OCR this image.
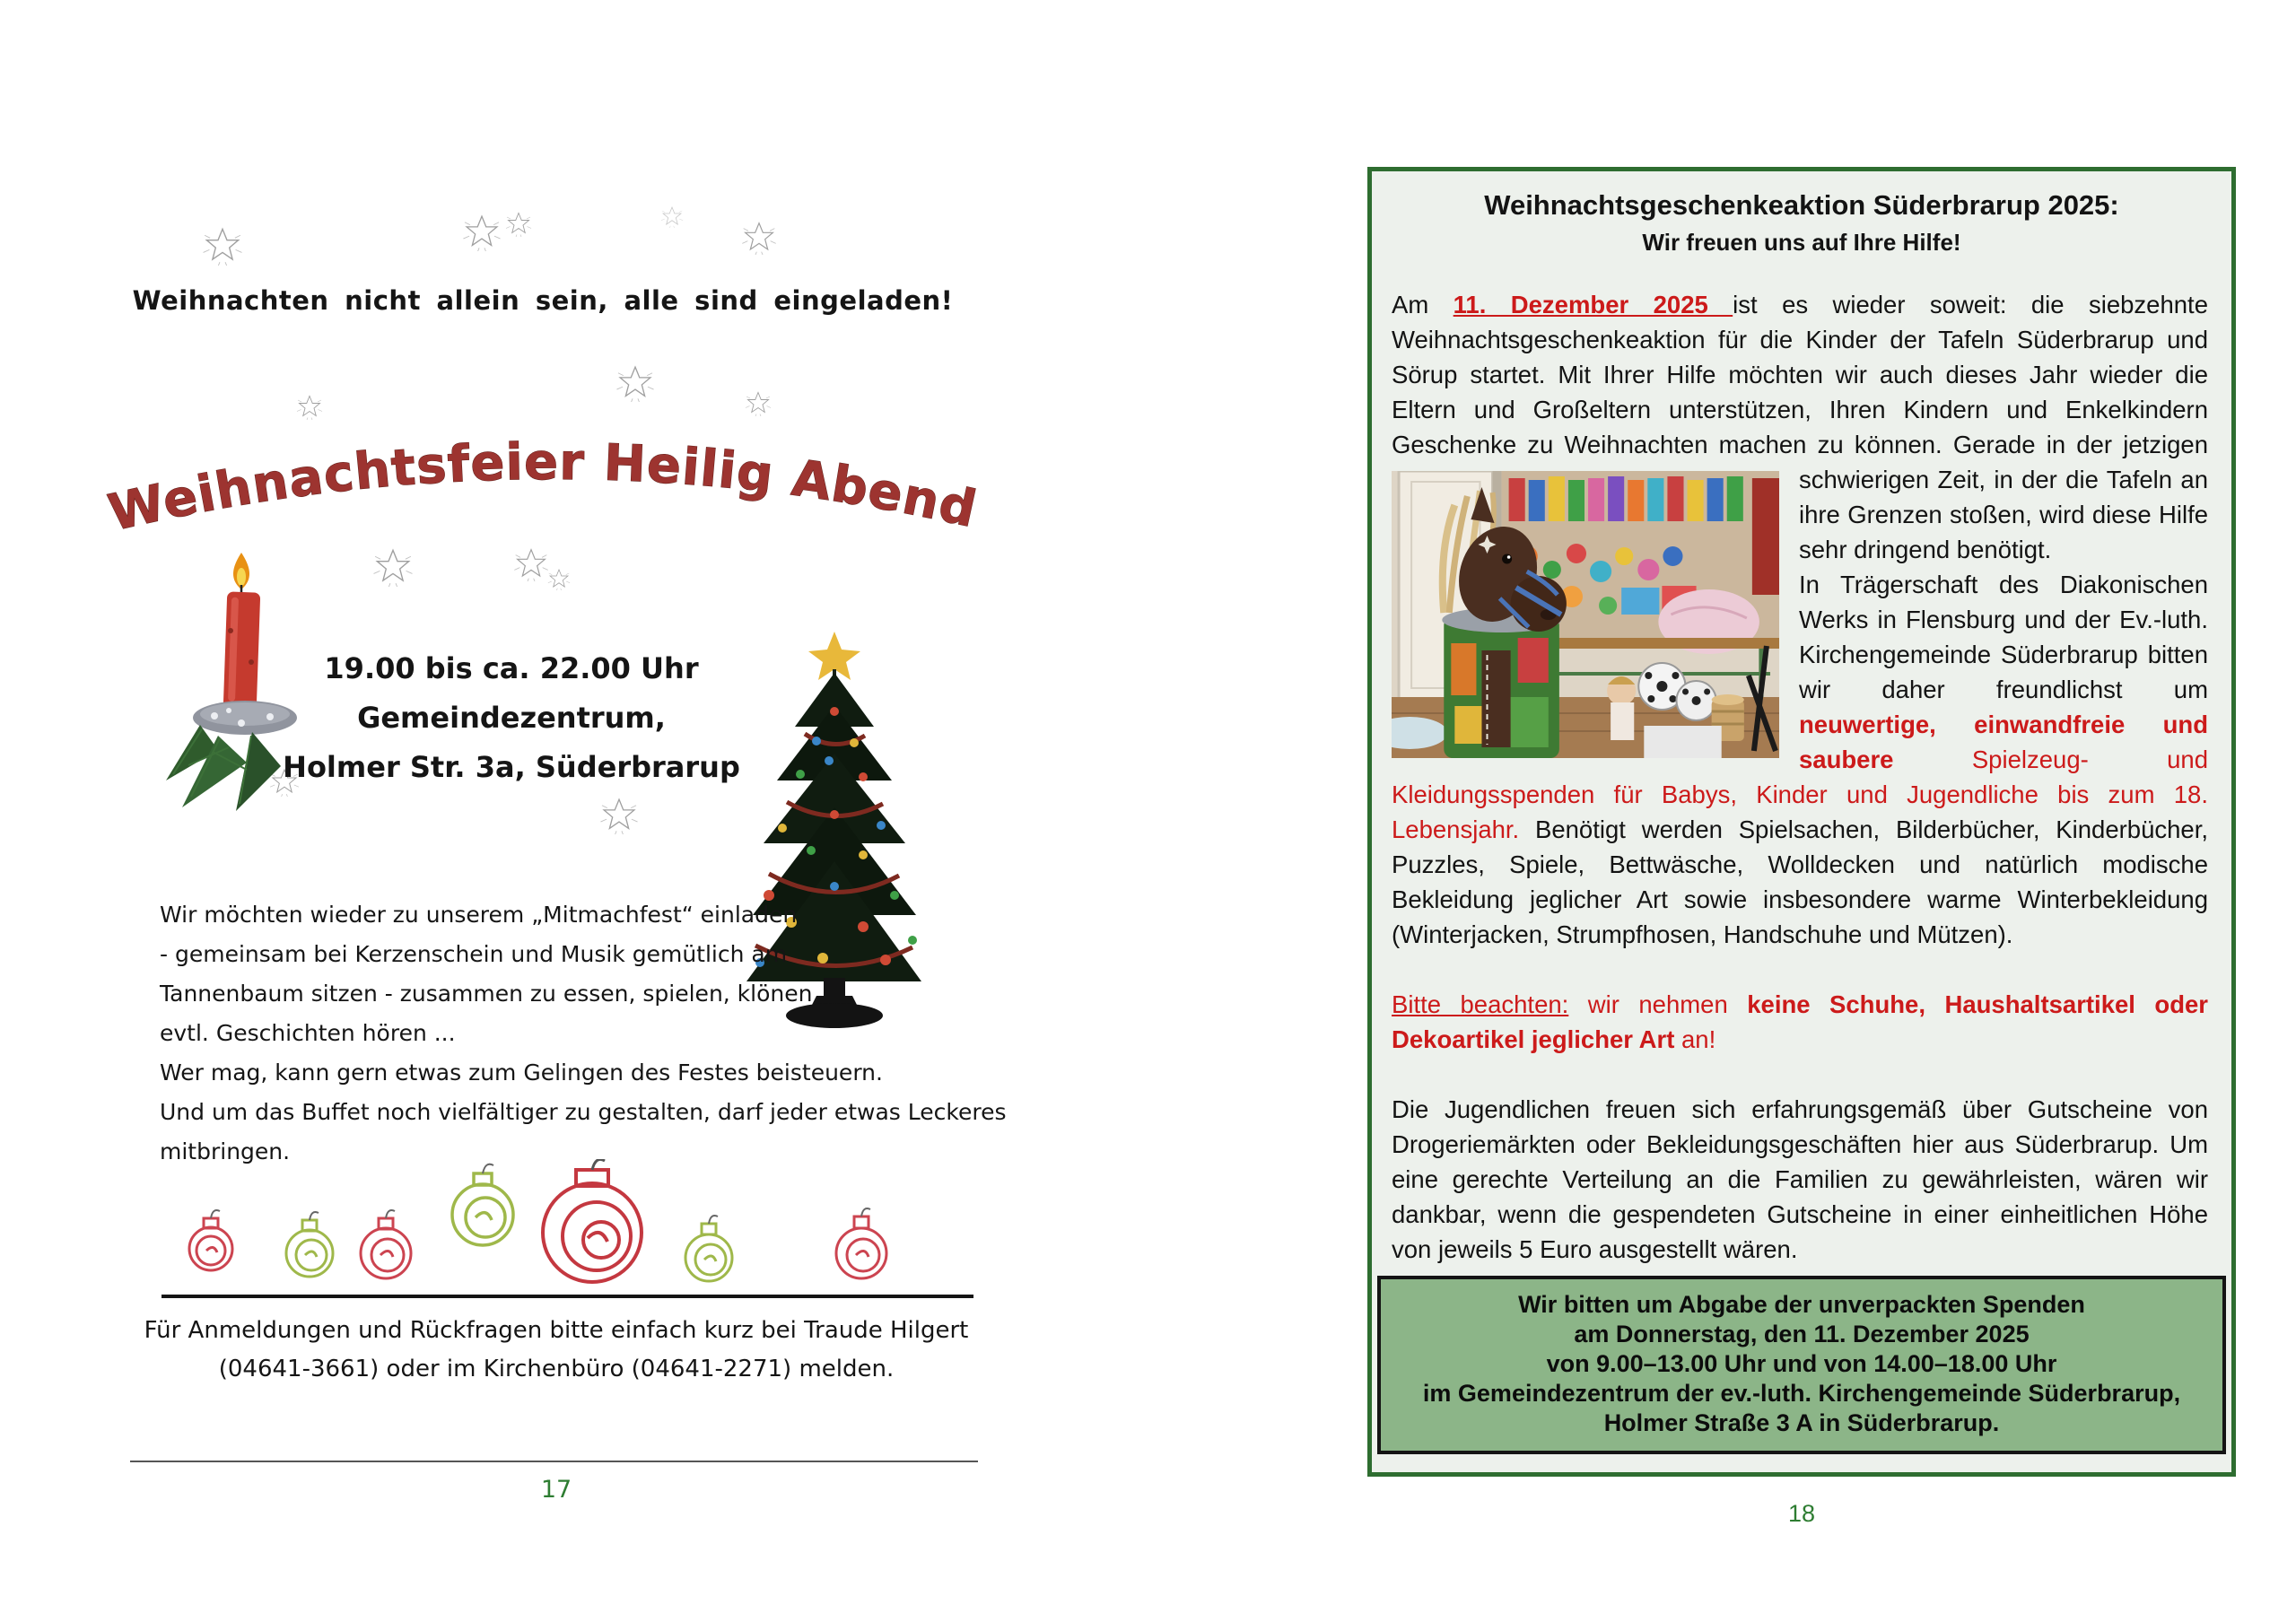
Weihnachten nicht allein sein, alle sind eingeladen!
Weihnachtsfeier Heilig Abend
19.00 bis ca. 22.00 Uhr
Gemeindezentrum,
Holmer Str. 3a, Süderbrarup
Wir möchten wieder zu unserem „Mitmachfest“ einladen
- gemeinsam bei Kerzenschein und Musik gemütlich am
Tannenbaum sitzen - zusammen zu essen, spielen, klönen,
evtl. Geschichten hören ...
Wer mag, kann gern etwas zum Gelingen des Festes beisteuern.
Und um das Buffet noch vielfältiger zu gestalten, darf jeder etwas Leckeres
mitbringen.
Für Anmeldungen und Rückfragen bitte einfach kurz bei Traude Hilgert
(04641-3661) oder im Kirchenbüro (04641-2271) melden.
17
Weihnachtsgeschenkeaktion Süderbrarup 2025:
Wir freuen uns auf Ihre Hilfe!
Am 11. Dezember 2025 ist es wieder soweit: die siebzehnte Weihnachtsgeschenkeaktion für die Kinder der Tafeln Süderbrarup und Sörup startet. Mit Ihrer Hilfe möchten wir auch dieses Jahr wieder die Eltern und Großeltern unterstützen, Ihren Kindern und Enkelkindern Geschenke zu Weihnachten machen zu können. Gerade in der jetzigen schwierigen
Zeit, in der die Tafeln an ihre Grenzen stoßen, wird diese Hilfe sehr dringend benötigt.
In Trägerschaft des Diakonischen Werks in Flensburg und der Ev.-luth. Kirchengemeinde Süderbrarup bitten wir daher freundlichst um neuwertige, einwandfreie und saubere Spielzeug- und Kleidungsspenden für Babys, Kinder und Jugendliche bis zum 18. Lebensjahr. Benötigt werden Spielsachen, Bilderbücher, Kinderbücher, Puzzles, Spiele, Bettwäsche, Wolldecken und natürlich modische Bekleidung jeglicher Art sowie insbesondere warme Winterbekleidung (Winterjacken, Strumpfhosen, Handschuhe und Mützen).
Bitte beachten: wir nehmen keine Schuhe, Haushaltsartikel oder Dekoartikel jeglicher Art an!
Die Jugendlichen freuen sich erfahrungsgemäß über Gutscheine von Drogeriemärkten oder Bekleidungsgeschäften hier aus Süderbrarup. Um eine gerechte Verteilung an die Familien zu gewährleisten, wären wir dankbar, wenn die gespendeten Gutscheine in einer einheitlichen Höhe von jeweils 5 Euro ausgestellt wären.
Wir bitten um Abgabe der unverpackten Spenden
am Donnerstag, den 11. Dezember 2025
von 9.00–13.00 Uhr und von 14.00–18.00 Uhr
im Gemeindezentrum der ev.-luth. Kirchengemeinde Süderbrarup,
Holmer Straße 3 A in Süderbrarup.
18
